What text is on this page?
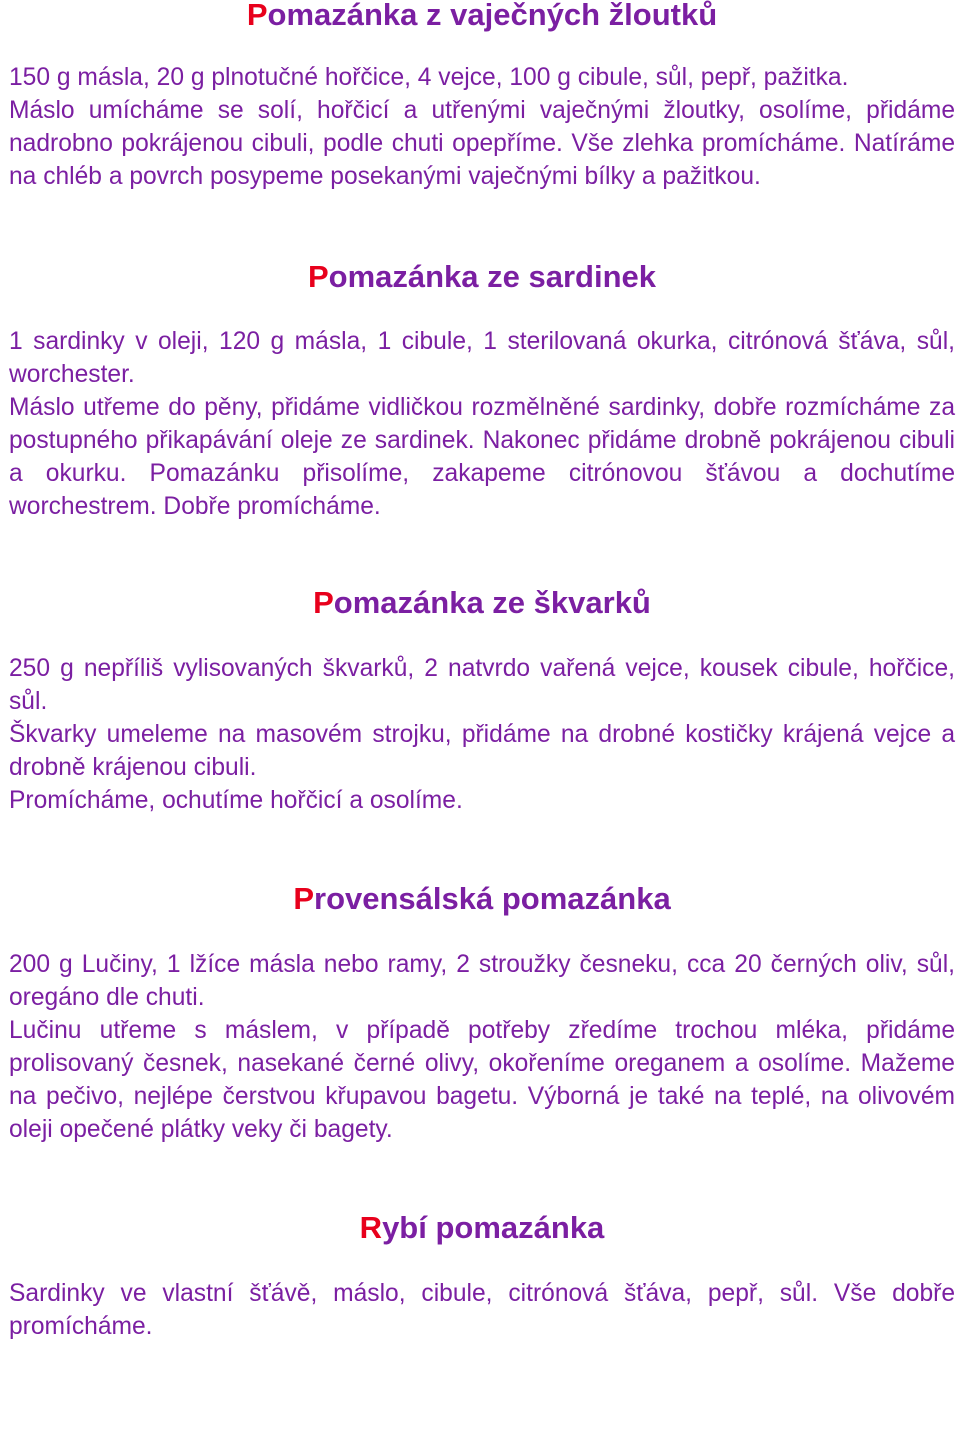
Pomazánka z vaječných žloutků

150 g másla, 20 g plnotučné hořčice, 4 vejce, 100 g cibule, sůl, pepř, pažitka.

Máslo umícháme se solí, hořčicí a utřenými vaječnými žloutky, osolíme, přidáme nadrobno pokrájenou cibuli, podle chuti opepříme. Vše zlehka promícháme. Natíráme na chléb a povrch posypeme posekanými vaječnými bílky a pažitkou.

Pomazánka ze sardinek

1 sardinky v oleji, 120 g másla, 1 cibule, 1 sterilovaná okurka, citrónová šťáva, sůl, worchester.

Máslo utřeme do pěny, přidáme vidličkou rozmělněné sardinky, dobře rozmícháme za postupného přikapávání oleje ze sardinek. Nakonec přidáme drobně pokrájenou cibuli a okurku. Pomazánku přisolíme, zakapeme citrónovou šťávou a dochutíme worchestrem. Dobře promícháme.

Pomazánka ze škvarků

250 g nepříliš vylisovaných škvarků, 2 natvrdo vařená vejce, kousek cibule, hořčice, sůl.

Škvarky umeleme na masovém strojku, přidáme na drobné kostičky krájená vejce a drobně krájenou cibuli.

Promícháme, ochutíme hořčicí a osolíme.

Provensálská pomazánka

200 g Lučiny, 1 lžíce másla nebo ramy, 2 stroužky česneku, cca 20 černých oliv, sůl, oregáno dle chuti.

Lučinu utřeme s máslem, v případě potřeby zředíme trochou mléka, přidáme prolisovaný česnek, nasekané černé olivy, okořeníme oreganem a osolíme. Mažeme na pečivo, nejlépe čerstvou křupavou bagetu. Výborná je také na teplé, na olivovém oleji opečené plátky veky či bagety.

Rybí pomazánka

Sardinky ve vlastní šťávě, máslo, cibule, citrónová šťáva, pepř, sůl. Vše dobře promícháme.
